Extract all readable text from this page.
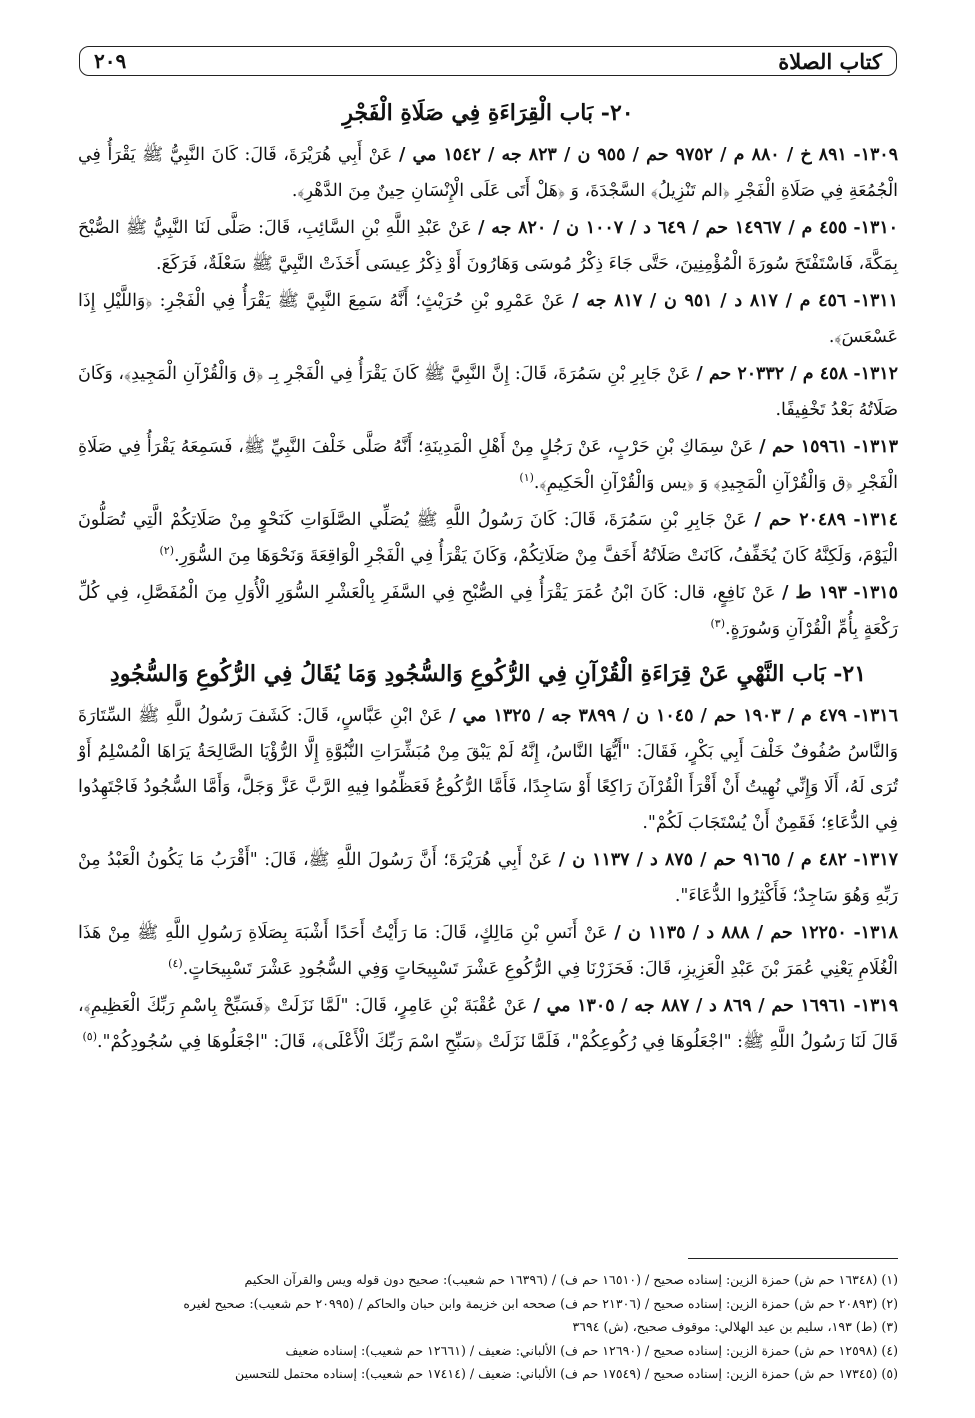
كتاب الصلاة
٢٠٩
٢٠- بَاب الْقِرَاءَةِ فِي صَلَاةِ الْفَجْرِ
١٣٠٩- ٨٩١ خ / ٨٨٠ م / ٩٧٥٢ حم / ٩٥٥ ن / ٨٢٣ جه / ١٥٤٢ مي / عَنْ أَبِي هُرَيْرَةَ، قَالَ: كَانَ النَّبِيُّ ﷺ يَقْرَأُ فِي الْجُمُعَةِ فِي صَلَاةِ الْفَجْرِ ﴿الم تَنْزِيلُ﴾ السَّجْدَةَ، وَ ﴿هَلْ أَتَى عَلَى الْإِنْسَانِ حِينٌ مِنَ الدَّهْرِ﴾.
١٣١٠- ٤٥٥ م / ١٤٩٦٧ حم / ٦٤٩ د / ١٠٠٧ ن / ٨٢٠ جه / عَنْ عَبْدِ اللَّهِ بْنِ السَّائِبِ، قَالَ: صَلَّى لَنَا النَّبِيُّ ﷺ الصُّبْحَ بِمَكَّةَ، فَاسْتَفْتَحَ سُورَةَ الْمُؤْمِنِينَ، حَتَّى جَاءَ ذِكْرُ مُوسَى وَهَارُونَ أَوْ ذِكْرُ عِيسَى أَخَذَتْ النَّبِيَّ ﷺ سَعْلَةٌ، فَرَكَعَ.
١٣١١- ٤٥٦ م / ٨١٧ د / ٩٥١ ن / ٨١٧ جه / عَنْ عَمْرِو بْنِ حُرَيْثٍ؛ أَنَّهُ سَمِعَ النَّبِيَّ ﷺ يَقْرَأُ فِي الْفَجْرِ: ﴿وَاللَّيْلِ إِذَا عَسْعَسَ﴾.
١٣١٢- ٤٥٨ م / ٢٠٣٣٢ حم / عَنْ جَابِرِ بْنِ سَمُرَةَ، قَالَ: إِنَّ النَّبِيَّ ﷺ كَانَ يَقْرَأُ فِي الْفَجْرِ بِـ ﴿ق وَالْقُرْآنِ الْمَجِيدِ﴾، وَكَانَ صَلَاتُهُ بَعْدُ تَخْفِيفًا.
١٣١٣- ١٥٩٦١ حم / عَنْ سِمَاكِ بْنِ حَرْبٍ، عَنْ رَجُلٍ مِنْ أَهْلِ الْمَدِينَةِ؛ أَنَّهُ صَلَّى خَلْفَ النَّبِيِّ ﷺ، فَسَمِعَهُ يَقْرَأُ فِي صَلَاةِ الْفَجْرِ ﴿ق وَالْقُرْآنِ الْمَجِيدِ﴾ وَ ﴿يس وَالْقُرْآنِ الْحَكِيمِ﴾.$^{(١)}$
١٣١٤- ٢٠٤٨٩ حم / عَنْ جَابِرِ بْنِ سَمُرَةَ، قَالَ: كَانَ رَسُولُ اللَّهِ ﷺ يُصَلِّي الصَّلَوَاتِ كَنَحْوٍ مِنْ صَلَاتِكُمْ الَّتِي تُصَلُّونَ الْيَوْمَ، وَلَكِنَّهُ كَانَ يُخَفِّفُ، كَانَتْ صَلَاتُهُ أَخَفَّ مِنْ صَلَاتِكُمْ، وَكَانَ يَقْرَأُ فِي الْفَجْرِ الْوَاقِعَةَ وَنَحْوَهَا مِنَ السُّوَرِ.$^{(٢)}$
١٣١٥- ١٩٣ ط / عَنْ نَافِعٍ، قال: كَانَ ابْنُ عُمَرَ يَقْرَأُ فِي الصُّبْحِ فِي السَّفَرِ بِالْعَشْرِ السُّوَرِ الْأُوَلِ مِنَ الْمُفَصَّلِ، فِي كُلِّ رَكْعَةٍ بِأُمِّ الْقُرْآنِ وَسُورَةٍ.$^{(٣)}$
٢١- بَاب النَّهْيِ عَنْ قِرَاءَةِ الْقُرْآنِ فِي الرُّكُوعِ وَالسُّجُودِ وَمَا يُقَالُ فِي الرُّكُوعِ وَالسُّجُودِ
١٣١٦- ٤٧٩ م / ١٩٠٣ حم / ١٠٤٥ ن / ٣٨٩٩ جه / ١٣٢٥ مي / عَنْ ابْنِ عَبَّاسٍ، قَالَ: كَشَفَ رَسُولُ اللَّهِ ﷺ السِّتَارَةَ وَالنَّاسُ صُفُوفٌ خَلْفَ أَبِي بَكْرٍ، فَقَالَ: "أَيُّهَا النَّاسُ، إِنَّهُ لَمْ يَبْقَ مِنْ مُبَشِّرَاتِ النُّبُوَّةِ إِلَّا الرُّؤْيَا الصَّالِحَةُ يَرَاهَا الْمُسْلِمُ أَوْ تُرَى لَهُ، أَلَا وَإِنِّي نُهِيتُ أَنْ أَقْرَأَ الْقُرْآنَ رَاكِعًا أَوْ سَاجِدًا، فَأَمَّا الرُّكُوعُ فَعَظِّمُوا فِيهِ الرَّبَّ عَزَّ وَجَلَّ، وَأَمَّا السُّجُودُ فَاجْتَهِدُوا فِي الدُّعَاءِ؛ فَقَمِنٌ أَنْ يُسْتَجَابَ لَكُمْ".
١٣١٧- ٤٨٢ م / ٩١٦٥ حم / ٨٧٥ د / ١١٣٧ ن / عَنْ أَبِي هُرَيْرَةَ؛ أَنَّ رَسُولَ اللَّهِ ﷺ، قَالَ: "أَقْرَبُ مَا يَكُونُ الْعَبْدُ مِنْ رَبِّهِ وَهُوَ سَاجِدٌ؛ فَأَكْثِرُوا الدُّعَاءَ".
١٣١٨- ١٢٢٥٠ حم / ٨٨٨ د / ١١٣٥ ن / عَنْ أَنَسِ بْنِ مَالِكٍ، قَالَ: مَا رَأَيْتُ أَحَدًا أَشْبَهَ بِصَلَاةِ رَسُولِ اللَّهِ ﷺ مِنْ هَذَا الْغُلَامِ يَعْنِي عُمَرَ بْنَ عَبْدِ الْعَزِيزِ، قَالَ: فَحَزَرْنَا فِي الرُّكُوعِ عَشْرَ تَسْبِيحَاتٍ وَفِي السُّجُودِ عَشْرَ تَسْبِيحَاتٍ.$^{(٤)}$
١٣١٩- ١٦٩٦١ حم / ٨٦٩ د / ٨٨٧ جه / ١٣٠٥ مي / عَنْ عُقْبَةَ بْنِ عَامِرٍ، قَالَ: "لَمَّا نَزَلَتْ ﴿فَسَبِّحْ بِاسْمِ رَبِّكَ الْعَظِيمِ﴾، قَالَ لَنَا رَسُولُ اللَّهِ ﷺ: "اجْعَلُوهَا فِي رُكُوعِكُمْ"، فَلَمَّا نَزَلَتْ ﴿سَبِّحِ اسْمَ رَبِّكَ الْأَعْلَى﴾، قَالَ: "اجْعَلُوهَا فِي سُجُودِكُمْ".$^{(٥)}$
(١) (١٦٣٤٨ حم ش) حمزة الزين: إسناده صحيح / (١٦٥١٠ حم ف) / (١٦٣٩٦ حم شعيب): صحيح دون قوله ويس والقرآن الحكيم
(٢) (٢٠٨٩٣ حم ش) حمزة الزين: إسناده صحيح / (٢١٣٠٦ حم ف) صححه ابن خزيمة وابن حبان والحاكم / (٢٠٩٩٥ حم شعيب): صحيح لغيره
(٣) (ط) ١٩٣، سليم بن عيد الهلالي: موقوف صحيح، (ش) ٣٦٩٤
(٤) (١٢٥٩٨ حم ش) حمزة الزين: إسناده صحيح / (١٢٦٩٠ حم ف) الألباني: ضعيف / (١٢٦٦١ حم شعيب): إسناده ضعيف
(٥) (١٧٣٤٥ حم ش) حمزة الزين: إسناده صحيح / (١٧٥٤٩ حم ف) الألباني: ضعيف / (١٧٤١٤ حم شعيب): إسناده محتمل للتحسين
